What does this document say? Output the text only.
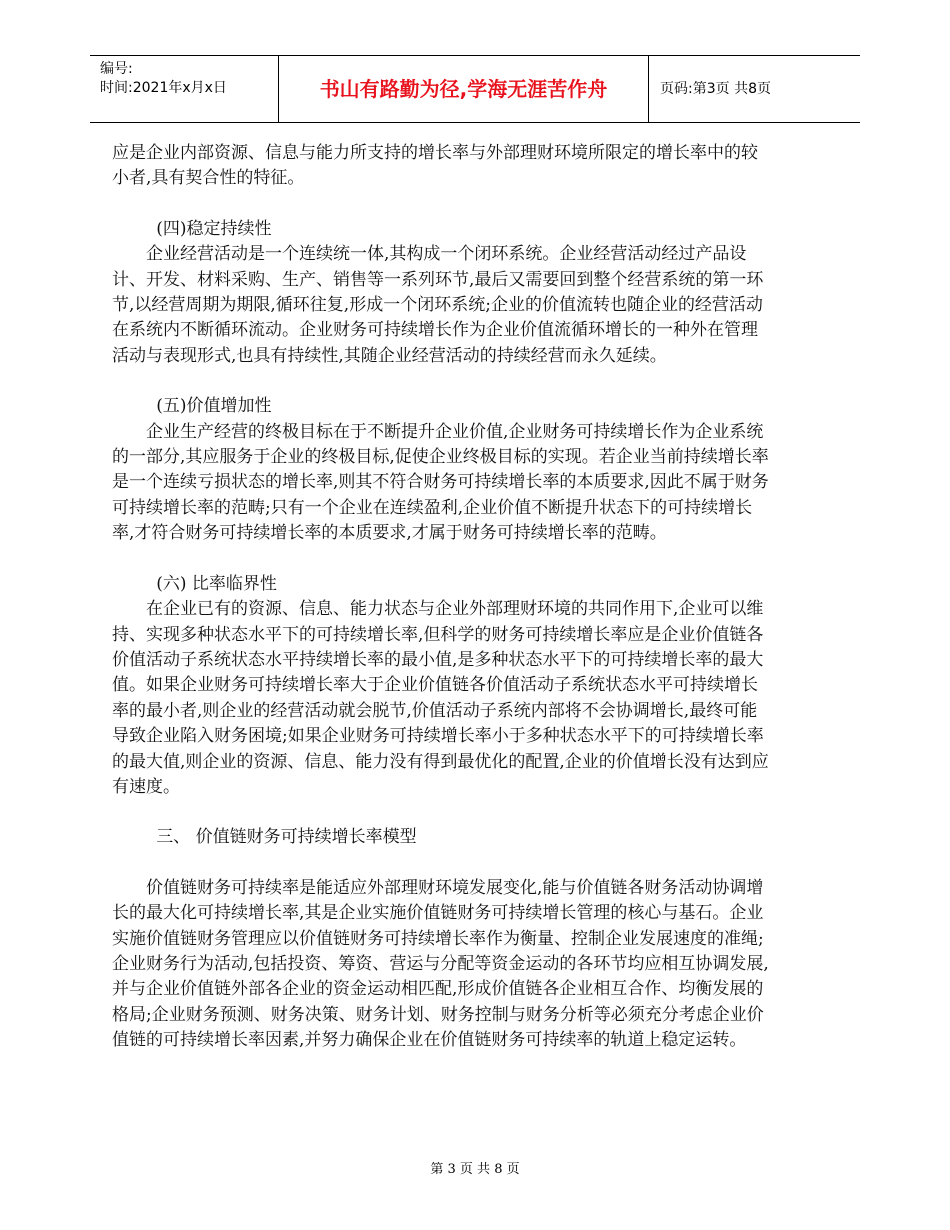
编号:
时间:2021年x月x日	书山有路勤为径,学海无涯苦作舟	页码:第3页 共8页

应是企业内部资源、信息与能力所支持的增长率与外部理财环境所限定的增长率中的较小者,具有契合性的特征。

(四)稳定持续性

企业经营活动是一个连续统一体,其构成一个闭环系统。企业经营活动经过产品设计、开发、材料采购、生产、销售等一系列环节,最后又需要回到整个经营系统的第一环节,以经营周期为期限,循环往复,形成一个闭环系统;企业的价值流转也随企业的经营活动在系统内不断循环流动。企业财务可持续增长作为企业价值流循环增长的一种外在管理活动与表现形式,也具有持续性,其随企业经营活动的持续经营而永久延续。

(五)价值增加性

企业生产经营的终极目标在于不断提升企业价值,企业财务可持续增长作为企业系统的一部分,其应服务于企业的终极目标,促使企业终极目标的实现。若企业当前持续增长率是一个连续亏损状态的增长率,则其不符合财务可持续增长率的本质要求,因此不属于财务可持续增长率的范畴;只有一个企业在连续盈利,企业价值不断提升状态下的可持续增长率,才符合财务可持续增长率的本质要求,才属于财务可持续增长率的范畴。

(六) 比率临界性

在企业已有的资源、信息、能力状态与企业外部理财环境的共同作用下,企业可以维持、实现多种状态水平下的可持续增长率,但科学的财务可持续增长率应是企业价值链各价值活动子系统状态水平持续增长率的最小值,是多种状态水平下的可持续增长率的最大值。如果企业财务可持续增长率大于企业价值链各价值活动子系统状态水平可持续增长率的最小者,则企业的经营活动就会脱节,价值活动子系统内部将不会协调增长,最终可能导致企业陷入财务困境;如果企业财务可持续增长率小于多种状态水平下的可持续增长率的最大值,则企业的资源、信息、能力没有得到最优化的配置,企业的价值增长没有达到应有速度。

三、 价值链财务可持续增长率模型

价值链财务可持续率是能适应外部理财环境发展变化,能与价值链各财务活动协调增长的最大化可持续增长率,其是企业实施价值链财务可持续增长管理的核心与基石。企业实施价值链财务管理应以价值链财务可持续增长率作为衡量、控制企业发展速度的准绳;企业财务行为活动,包括投资、筹资、营运与分配等资金运动的各环节均应相互协调发展,并与企业价值链外部各企业的资金运动相匹配,形成价值链各企业相互合作、均衡发展的格局;企业财务预测、财务决策、财务计划、财务控制与财务分析等必须充分考虑企业价值链的可持续增长率因素,并努力确保企业在价值链财务可持续率的轨道上稳定运转。

第 3 页 共 8 页
